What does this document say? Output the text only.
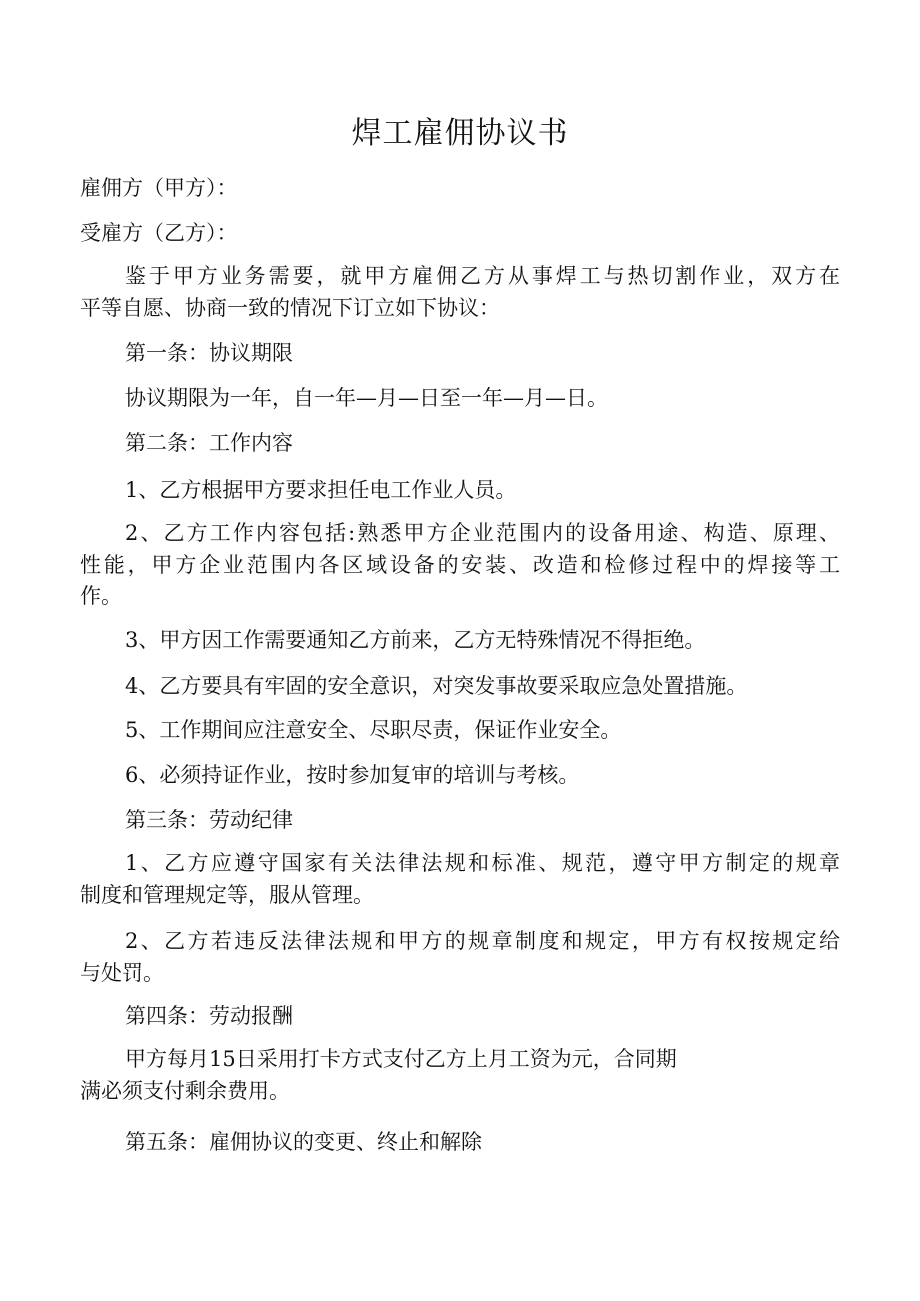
焊工雇佣协议书
雇佣方（甲方）：
受雇方（乙方）：
鉴于甲方业务需要，就甲方雇佣乙方从事焊工与热切割作业，双方在
平等自愿、协商一致的情况下订立如下协议：
第一条：协议期限
协议期限为一年，自一年—月—日至一年—月—日。
第二条：工作内容
1、乙方根据甲方要求担任电工作业人员。
2、乙方工作内容包括:熟悉甲方企业范围内的设备用途、构造、原理、
性能，甲方企业范围内各区域设备的安装、改造和检修过程中的焊接等工
作。
3、甲方因工作需要通知乙方前来，乙方无特殊情况不得拒绝。
4、乙方要具有牢固的安全意识，对突发事故要采取应急处置措施。
5、工作期间应注意安全、尽职尽责，保证作业安全。
6、必须持证作业，按时参加复审的培训与考核。
第三条：劳动纪律
1、乙方应遵守国家有关法律法规和标准、规范，遵守甲方制定的规章
制度和管理规定等，服从管理。
2、乙方若违反法律法规和甲方的规章制度和规定，甲方有权按规定给
与处罚。
第四条：劳动报酬
甲方每月15日采用打卡方式支付乙方上月工资为元，合同期
满必须支付剩余费用。
第五条：雇佣协议的变更、终止和解除
